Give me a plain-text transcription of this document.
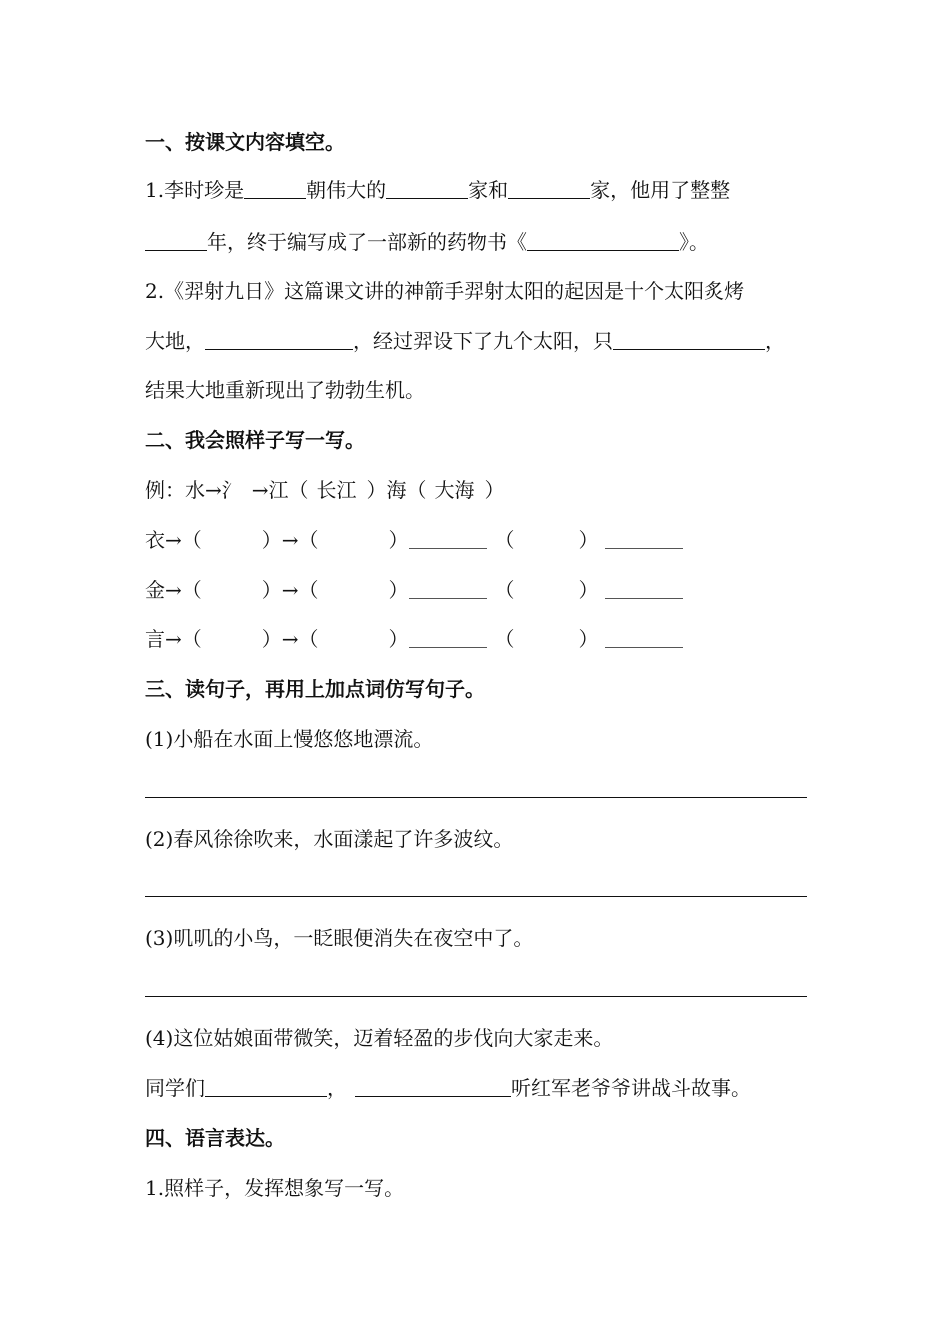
一、按课文内容填空。
1.李时珍是	朝伟大的	家和	家，他用了整整
年，终于编写成了一部新的药物书《	》。
2.《羿射九日》这篇课文讲的神箭手羿射太阳的起因是十个太阳炙烤
大地，	，经过羿设下了九个太阳，只	，
结果大地重新现出了勃勃生机。
二、我会照样子写一写。
例：水→氵 →江（ 长江 ）海（ 大海 ）
衣→（	）→（	）	（	）
金→（	）→（	）	（	）
言→（	）→（	）	（	）
三、读句子，再用上加点词仿写句子。
(1)小船在水面上慢悠悠地漂流。
(2)春风徐徐吹来，水面漾起了许多波纹。
(3)叽叽的小鸟，一眨眼便消失在夜空中了。
(4)这位姑娘面带微笑，迈着轻盈的步伐向大家走来。
同学们	，	听红军老爷爷讲战斗故事。
四、语言表达。
1.照样子，发挥想象写一写。
